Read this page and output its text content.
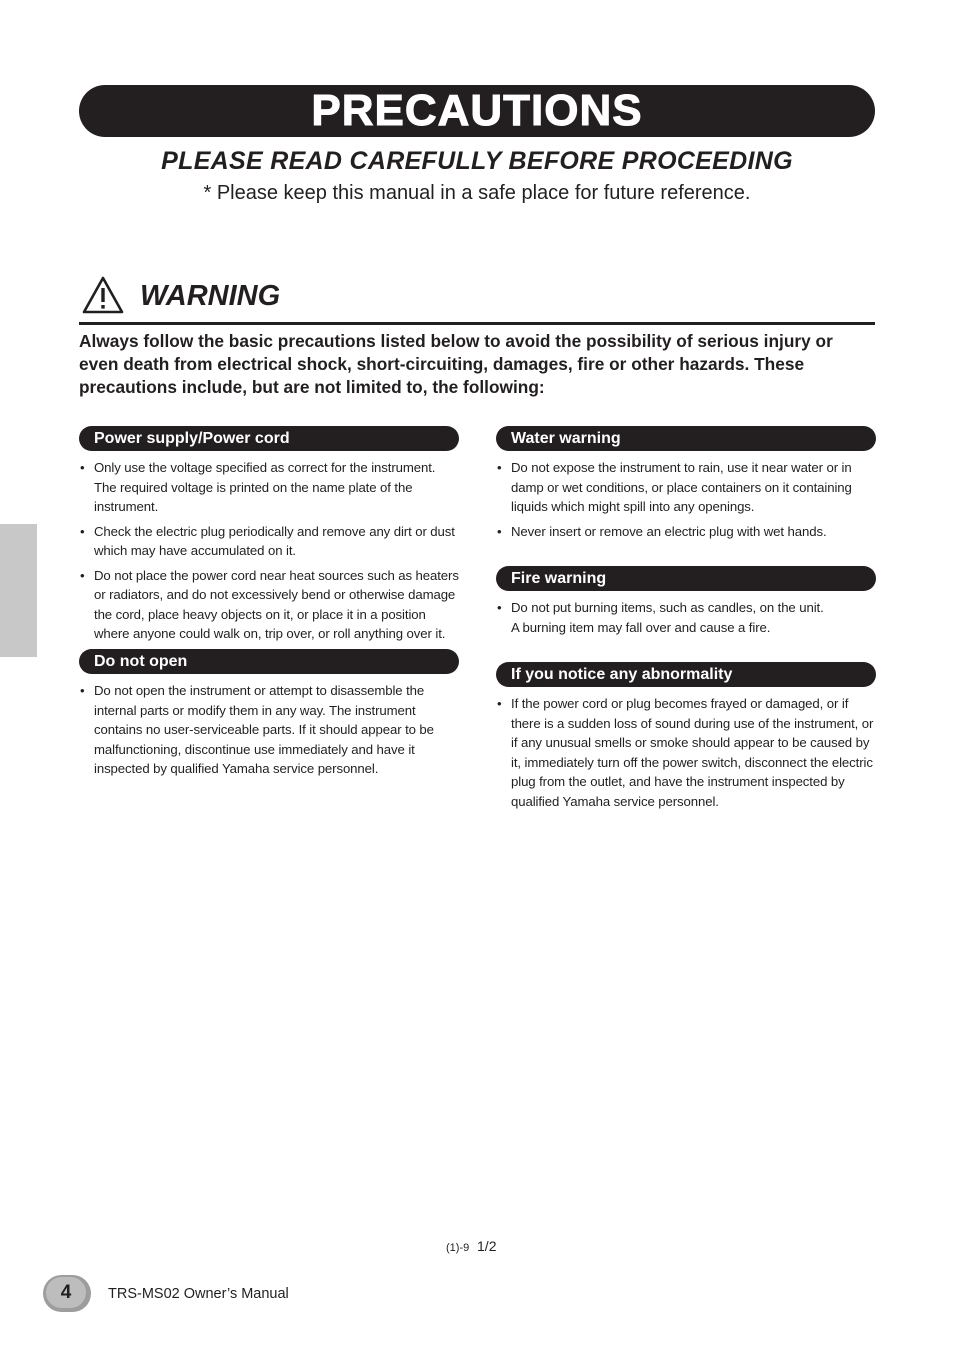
PRECAUTIONS
PLEASE READ CAREFULLY BEFORE PROCEEDING
* Please keep this manual in a safe place for future reference.
WARNING
Always follow the basic precautions listed below to avoid the possibility of serious injury or even death from electrical shock, short-circuiting, damages, fire or other hazards. These precautions include, but are not limited to, the following:
Power supply/Power cord
• Only use the voltage specified as correct for the instrument. The required voltage is printed on the name plate of the instrument.
• Check the electric plug periodically and remove any dirt or dust which may have accumulated on it.
• Do not place the power cord near heat sources such as heaters or radiators, and do not excessively bend or otherwise damage the cord, place heavy objects on it, or place it in a position where anyone could walk on, trip over, or roll anything over it.
Do not open
• Do not open the instrument or attempt to disassemble the internal parts or modify them in any way. The instrument contains no user-serviceable parts. If it should appear to be malfunctioning, discontinue use immediately and have it inspected by qualified Yamaha service personnel.
Water warning
• Do not expose the instrument to rain, use it near water or in damp or wet conditions, or place containers on it containing liquids which might spill into any openings.
• Never insert or remove an electric plug with wet hands.
Fire warning
• Do not put burning items, such as candles, on the unit.
A burning item may fall over and cause a fire.
If you notice any abnormality
• If the power cord or plug becomes frayed or damaged, or if there is a sudden loss of sound during use of the instrument, or if any unusual smells or smoke should appear to be caused by it, immediately turn off the power switch, disconnect the electric plug from the outlet, and have the instrument inspected by qualified Yamaha service personnel.
(1)-9 1/2
4	TRS-MS02 Owner’s Manual
